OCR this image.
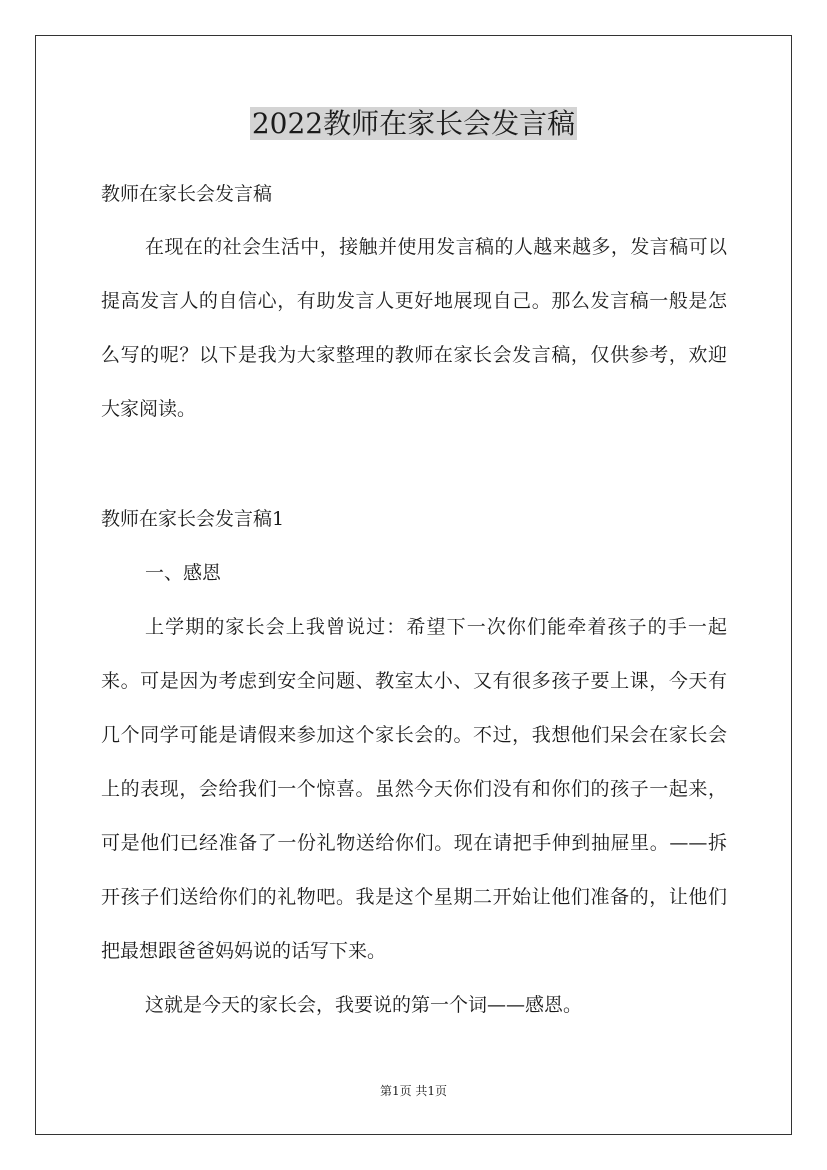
2022教师在家长会发言稿

教师在家长会发言稿

在现在的社会生活中，接触并使用发言稿的人越来越多，发言稿可以提高发言人的自信心，有助发言人更好地展现自己。那么发言稿一般是怎么写的呢？以下是我为大家整理的教师在家长会发言稿，仅供参考，欢迎大家阅读。

教师在家长会发言稿1

一、感恩

上学期的家长会上我曾说过：希望下一次你们能牵着孩子的手一起来。可是因为考虑到安全问题、教室太小、又有很多孩子要上课，今天有几个同学可能是请假来参加这个家长会的。不过，我想他们呆会在家长会上的表现，会给我们一个惊喜。虽然今天你们没有和你们的孩子一起来，可是他们已经准备了一份礼物送给你们。现在请把手伸到抽屉里。——拆开孩子们送给你们的礼物吧。我是这个星期二开始让他们准备的，让他们把最想跟爸爸妈妈说的话写下来。

这就是今天的家长会，我要说的第一个词——感恩。

第1页 共1页
